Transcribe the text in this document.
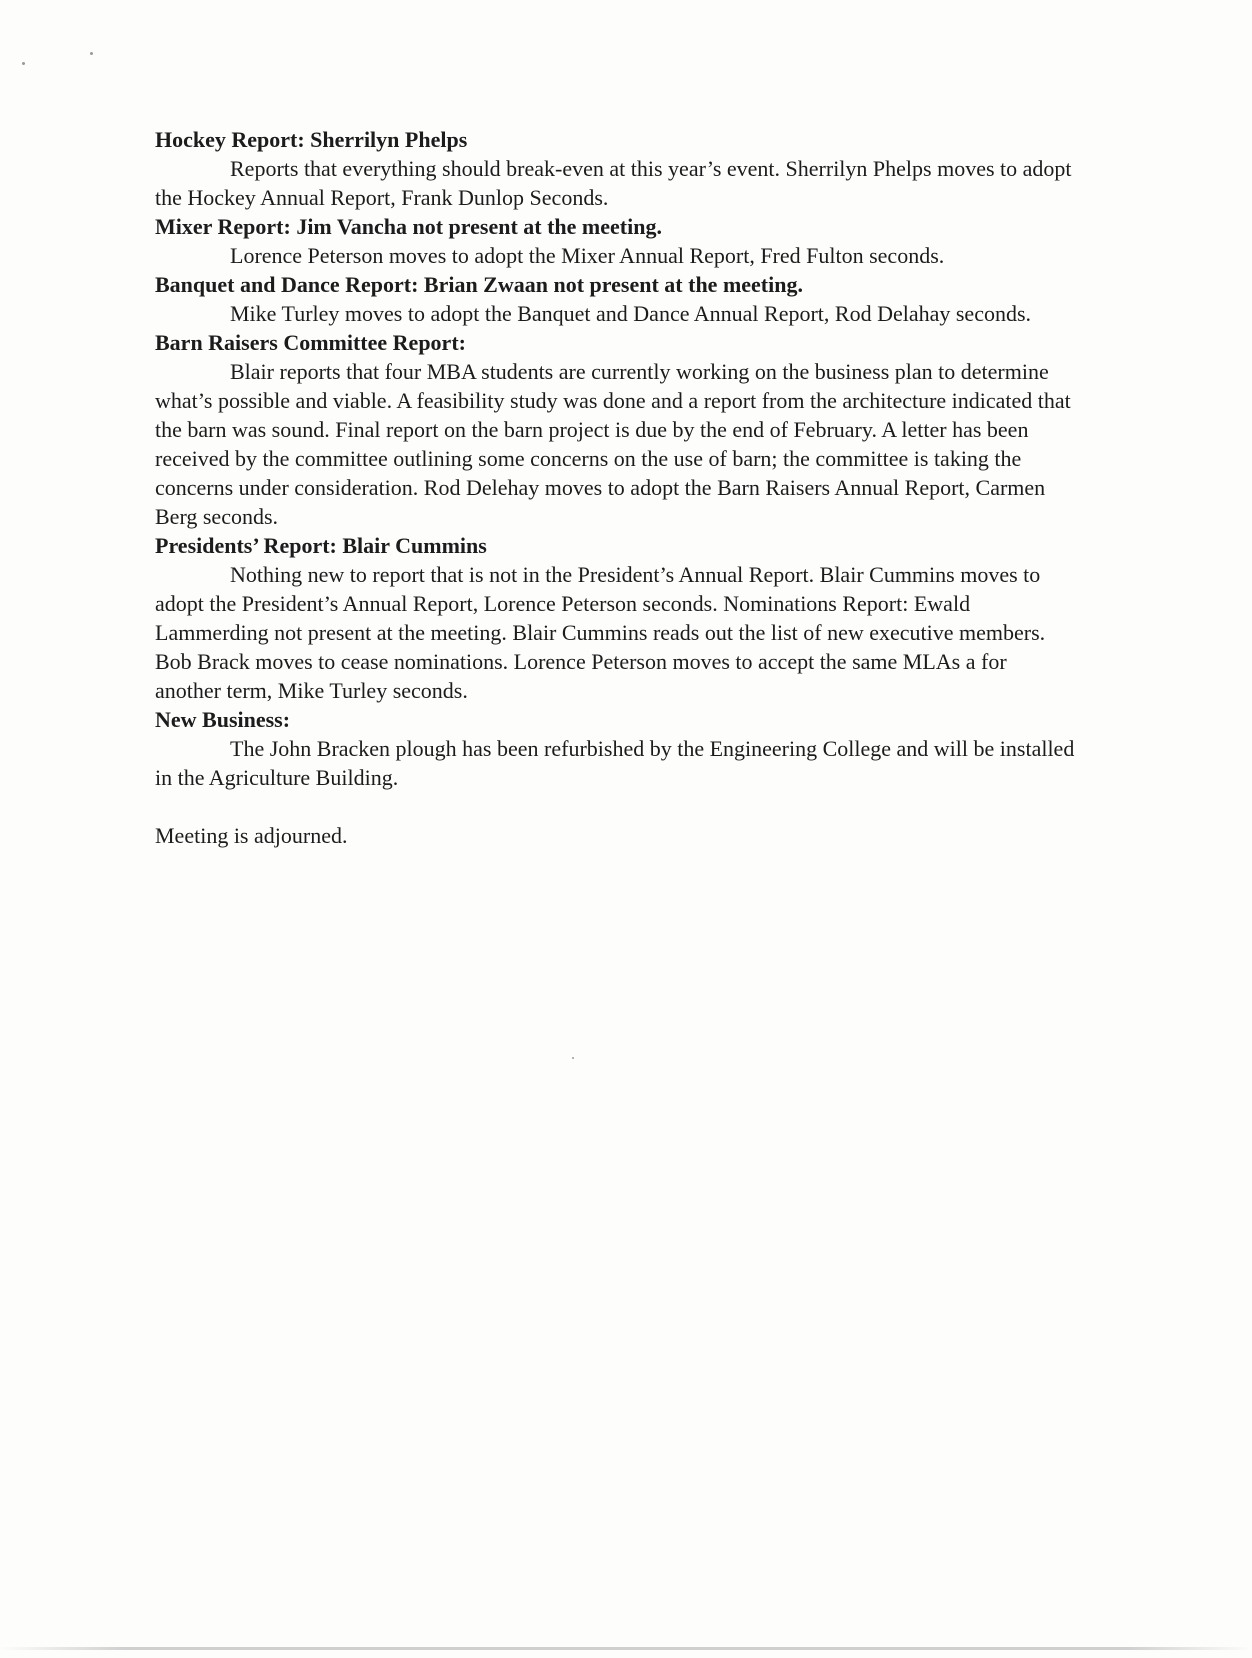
Hockey Report: Sherrilyn Phelps

Reports that everything should break-even at this year’s event. Sherrilyn Phelps moves to adopt the Hockey Annual Report, Frank Dunlop Seconds.

Mixer Report: Jim Vancha not present at the meeting.

Lorence Peterson moves to adopt the Mixer Annual Report, Fred Fulton seconds.

Banquet and Dance Report: Brian Zwaan not present at the meeting.

Mike Turley moves to adopt the Banquet and Dance Annual Report, Rod Delahay seconds.

Barn Raisers Committee Report:

Blair reports that four MBA students are currently working on the business plan to determine what’s possible and viable. A feasibility study was done and a report from the architecture indicated that the barn was sound. Final report on the barn project is due by the end of February. A letter has been received by the committee outlining some concerns on the use of barn; the committee is taking the concerns under consideration. Rod Delehay moves to adopt the Barn Raisers Annual Report, Carmen Berg seconds.

Presidents’ Report: Blair Cummins

Nothing new to report that is not in the President’s Annual Report. Blair Cummins moves to adopt the President’s Annual Report, Lorence Peterson seconds. Nominations Report: Ewald Lammerding not present at the meeting. Blair Cummins reads out the list of new executive members. Bob Brack moves to cease nominations. Lorence Peterson moves to accept the same MLAs a for another term, Mike Turley seconds.

New Business:

The John Bracken plough has been refurbished by the Engineering College and will be installed in the Agriculture Building.

Meeting is adjourned.
